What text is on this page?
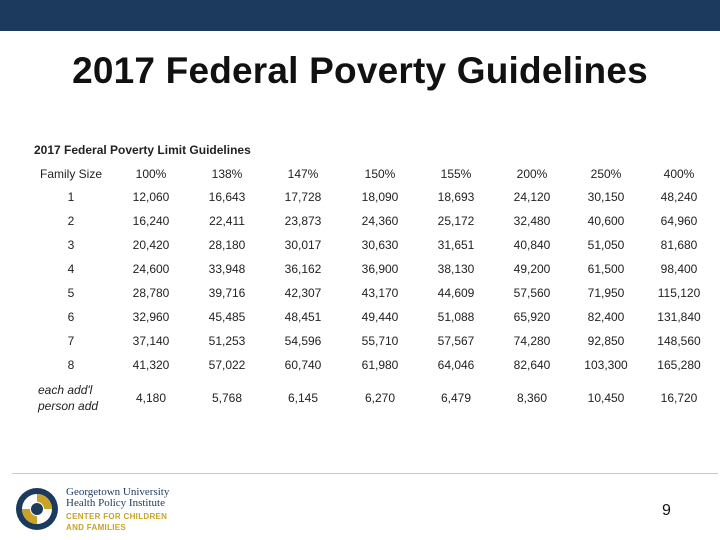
2017 Federal Poverty Guidelines
2017 Federal Poverty Limit Guidelines
Family Size	100%	138%	147%	150%	155%	200%	250%	400%
1	12,060	16,643	17,728	18,090	18,693	24,120	30,150	48,240
2	16,240	22,411	23,873	24,360	25,172	32,480	40,600	64,960
3	20,420	28,180	30,017	30,630	31,651	40,840	51,050	81,680
4	24,600	33,948	36,162	36,900	38,130	49,200	61,500	98,400
5	28,780	39,716	42,307	43,170	44,609	57,560	71,950	115,120
6	32,960	45,485	48,451	49,440	51,088	65,920	82,400	131,840
7	37,140	51,253	54,596	55,710	57,567	74,280	92,850	148,560
8	41,320	57,022	60,740	61,980	64,046	82,640	103,300	165,280
each add'l
person add	4,180	5,768	6,145	6,270	6,479	8,360	10,450	16,720
Georgetown University
Health Policy Institute
CENTER FOR CHILDREN
AND FAMILIES
9
